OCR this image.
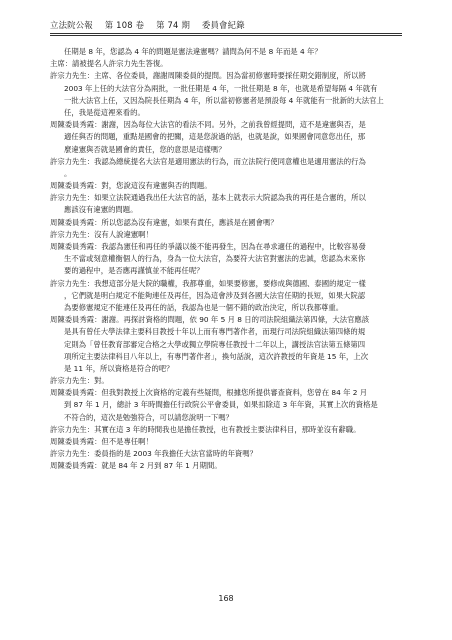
立法院公報 第 108 卷 第 74 期 委員會紀錄
任期是 8 年，您認為 4 年的問題是憲法違憲嗎？請問為何不是 8 年而是 4 年？
主席：請被提名人許宗力先生答復。
許宗力先生：主席、各位委員，謝謝周陳委員的提問。因為當初修憲時要採任期交錯制度，所以將
2003 年上任的大法官分為兩批，一批任期是 4 年，一批任期是 8 年，也就是希望每隔 4 年就有
一批大法官上任，又因為院長任期為 4 年，所以當初修憲者是預設每 4 年就能有一批新的大法官上
任，我是從這裡來看的。
周陳委員秀霞：謝謝，因為每位大法官的看法不同。另外，之前我曾經提問，這不是違憲與否，是
適任與否的問題，重點是國會的把關，這是您說過的話，也就是說，如果國會同意您出任，那
麼違憲與否就是國會的責任，您的意思是這樣嗎？
許宗力先生：我認為總統提名大法官是適用憲法的行為，而立法院行使同意權也是適用憲法的行為
。
周陳委員秀霞：對，您說這沒有違憲與否的問題。
許宗力先生：如果立法院通過我出任大法官的話，基本上就表示大院認為我的再任是合憲的，所以
應該沒有違憲的問題。
周陳委員秀霞：所以您認為沒有違憲，如果有責任，應該是在國會嗎？
許宗力先生：沒有人說違憲啊！
周陳委員秀霞：我認為憲任和再任的爭議以後不能再發生，因為在尋求適任的過程中，比較容易發
生不當或刻意權衡個人的行為，身為一位大法官，為要符大法官對憲法的忠誠，您認為未來你
要的過程中，是否應再謹慎並不能再任呢？
許宗力先生：我想這部分是大院的職權，我都尊重，如果要修憲，要修成與德國、泰國的規定一樣
，它們就是明白規定不能夠連任及再任，因為這會涉及到各國大法官任期的長短，如果大院認
為要修憲規定不能連任及再任的話，我認為也是一個不錯的政治決定，所以我都尊重。
周陳委員秀霞：謝謝。再探討資格的問題，依 90 年 5 月 8 日的司法院組織法第四條，大法官應該
是具有曾任大學法律主要科目教授十年以上而有專門著作者，而現行司法院組織法第四條的規
定則為「曾任教育部審定合格之大學或獨立學院專任教授十二年以上，講授法官法第五條第四
項所定主要法律科目八年以上，有專門著作者」，換句話說，這次許教授的年資是 15 年，上次
是 11 年，所以資格是符合的吧？
許宗力先生：對。
周陳委員秀霞：但我對教授上次資格的定義有些疑問，根據您所提供審查資料，您曾在 84 年 2 月
到 87 年 1 月，總計 3 年時間擔任行政院公平會委員，如果扣除這 3 年年資，其實上次的資格是
不符合的，這次是勉強符合，可以請您說明一下嗎？
許宗力先生：其實在這 3 年的時間我也是擔任教授，也有教授主要法律科目，那時並沒有辭職。
周陳委員秀霞：但不是專任啊！
許宗力先生：委員指的是 2003 年我擔任大法官當時的年資嗎？
周陳委員秀霞：就是 84 年 2 月到 87 年 1 月期間。
168
